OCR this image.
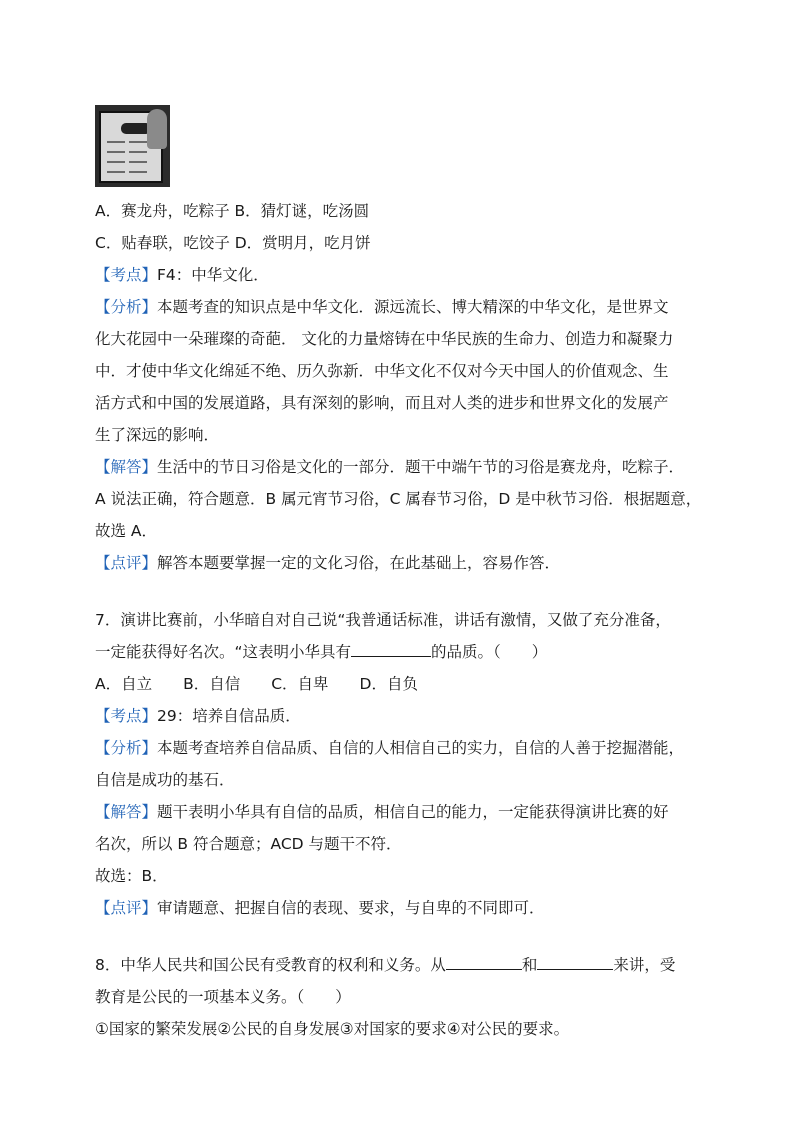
A．赛龙舟，吃粽子 B．猜灯谜，吃汤圆
C．贴春联，吃饺子 D．赏明月，吃月饼
【考点】F4：中华文化．
【分析】本题考查的知识点是中华文化．源远流长、博大精深的中华文化，是世界文
化大花园中一朵璀璨的奇葩． 文化的力量熔铸在中华民族的生命力、创造力和凝聚力
中．才使中华文化绵延不绝、历久弥新．中华文化不仅对今天中国人的价值观念、生
活方式和中国的发展道路，具有深刻的影响，而且对人类的进步和世界文化的发展产
生了深远的影响．
【解答】生活中的节日习俗是文化的一部分．题干中端午节的习俗是赛龙舟，吃粽子．
A 说法正确，符合题意．B 属元宵节习俗，C 属春节习俗，D 是中秋节习俗．根据题意，
故选 A．
【点评】解答本题要掌握一定的文化习俗，在此基础上，容易作答．
7．演讲比赛前，小华暗自对自己说“我普通话标准，讲话有激情，又做了充分准备，
一定能获得好名次。“这表明小华具有	的品质。（　　）
A．自立　　B．自信　　C．自卑　　D．自负
【考点】29：培养自信品质．
【分析】本题考查培养自信品质、自信的人相信自己的实力，自信的人善于挖掘潜能，
自信是成功的基石．
【解答】题干表明小华具有自信的品质，相信自己的能力，一定能获得演讲比赛的好
名次，所以 B 符合题意；ACD 与题干不符．
故选：B．
【点评】审请题意、把握自信的表现、要求，与自卑的不同即可．
8．中华人民共和国公民有受教育的权利和义务。从	和	来讲，受
教育是公民的一项基本义务。（　　）
①国家的繁荣发展②公民的自身发展③对国家的要求④对公民的要求。
